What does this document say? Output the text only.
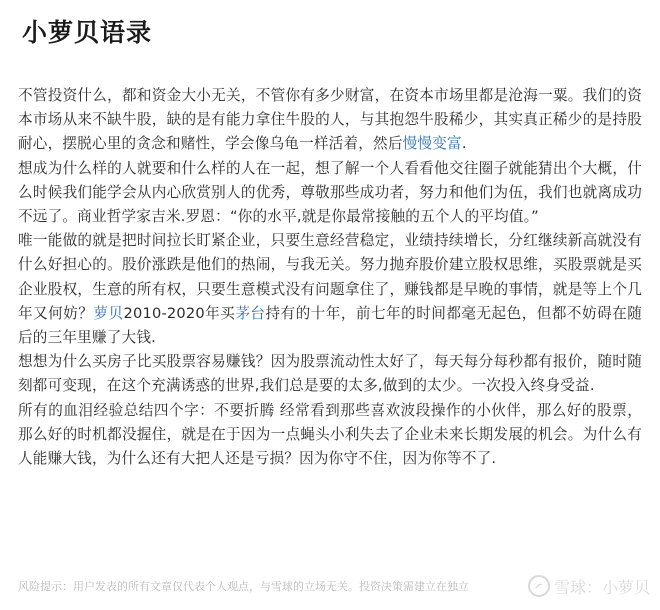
小萝贝语录

不管投资什么，都和资金大小无关，不管你有多少财富，在资本市场里都是沧海一粟。我们的资本市场从来不缺牛股，缺的是有能力拿住牛股的人，与其抱怨牛股稀少，其实真正稀少的是持股耐心，摆脱心里的贪念和赌性，学会像乌龟一样活着，然后慢慢变富.

想成为什么样的人就要和什么样的人在一起，想了解一个人看看他交往圈子就能猜出个大概，什么时候我们能学会从内心欣赏别人的优秀，尊敬那些成功者，努力和他们为伍，我们也就离成功不远了。商业哲学家吉米.罗恩：“你的水平,就是你最常接触的五个人的平均值。”

唯一能做的就是把时间拉长盯紧企业，只要生意经营稳定，业绩持续增长，分红继续新高就没有什么好担心的。股价涨跌是他们的热闹，与我无关。努力抛弃股价建立股权思维，买股票就是买企业股权，生意的所有权，只要生意模式没有问题拿住了，赚钱都是早晚的事情，就是等上个几年又何妨？萝贝2010-2020年买茅台持有的十年，前七年的时间都毫无起色，但都不妨碍在随后的三年里赚了大钱.

想想为什么买房子比买股票容易赚钱？因为股票流动性太好了，每天每分每秒都有报价，随时随刻都可变现，在这个充满诱惑的世界,我们总是要的太多,做到的太少。一次投入终身受益.

所有的血泪经验总结四个字：不要折腾 经常看到那些喜欢波段操作的小伙伴，那么好的股票，那么好的时机都没握住，就是在于因为一点蝇头小利失去了企业未来长期发展的机会。为什么有人能赚大钱，为什么还有大把人还是亏损？因为你守不住，因为你等不了.

风险提示：用户发表的所有文章仅代表个人观点，与雪球的立场无关。投资决策需建立在独立	雪球：小萝贝
